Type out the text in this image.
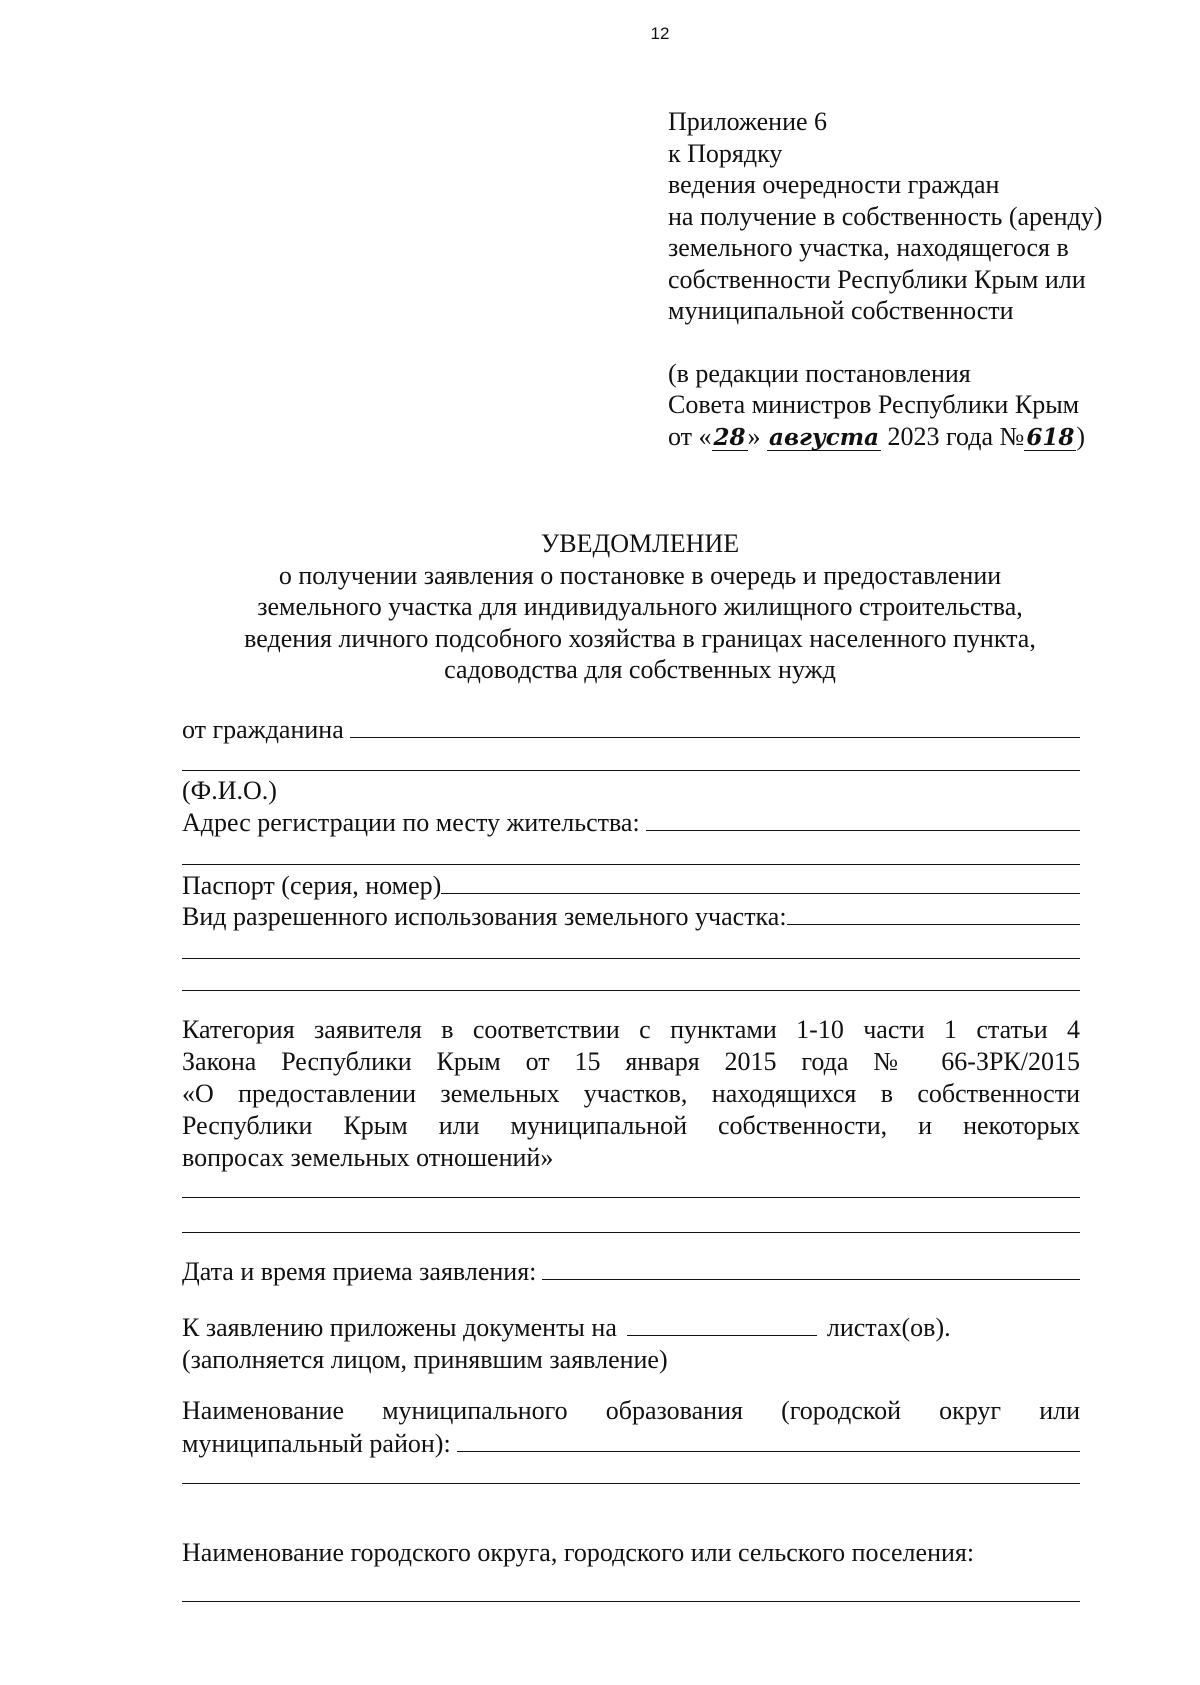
12
Приложение 6
к Порядку
ведения очередности граждан
на получение в собственность (аренду)
земельного участка, находящегося в
собственности Республики Крым или
муниципальной собственности
(в редакции постановления
Совета министров Республики Крым
от «28» августа 2023 года №618)
УВЕДОМЛЕНИЕ
о получении заявления о постановке в очередь и предоставлении
земельного участка для индивидуального жилищного строительства,
ведения личного подсобного хозяйства в границах населенного пункта,
садоводства для собственных нужд
от гражданина
(Ф.И.О.)
Адрес регистрации по месту жительства:
Паспорт (серия, номер)
Вид разрешенного использования земельного участка:
Категория заявителя в соответствии с пунктами 1-10 части 1 статьи 4
Закона Республики Крым от 15 января 2015 года № 66-ЗРК/2015
«О предоставлении земельных участков, находящихся в собственности
Республики Крым или муниципальной собственности, и некоторых
вопросах земельных отношений»
Дата и время приема заявления:
К заявлению приложены документы на	листах(ов).
(заполняется лицом, принявшим заявление)
Наименование муниципального образования (городской округ или
муниципальный район):
Наименование городского округа, городского или сельского поселения:
